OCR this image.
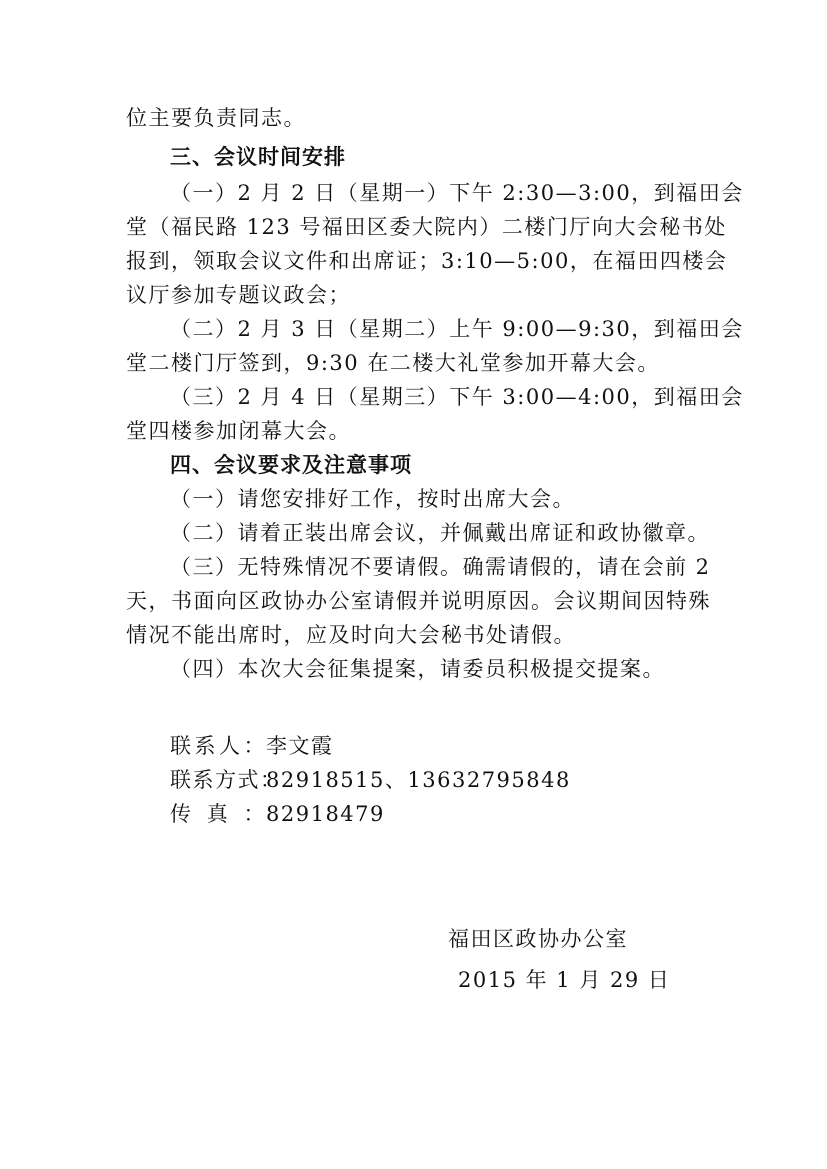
位主要负责同志。
三、会议时间安排
（一）2 月 2 日（星期一）下午 2:30—3:00，到福田会
堂（福民路 123 号福田区委大院内）二楼门厅向大会秘书处
报到，领取会议文件和出席证；3:10—5:00，在福田四楼会
议厅参加专题议政会；
（二）2 月 3 日（星期二）上午 9:00—9:30，到福田会
堂二楼门厅签到，9:30 在二楼大礼堂参加开幕大会。
（三）2 月 4 日（星期三）下午 3:00—4:00，到福田会
堂四楼参加闭幕大会。
四、会议要求及注意事项
（一）请您安排好工作，按时出席大会。
（二）请着正装出席会议，并佩戴出席证和政协徽章。
（三）无特殊情况不要请假。确需请假的，请在会前 2
天，书面向区政协办公室请假并说明原因。会议期间因特殊
情况不能出席时，应及时向大会秘书处请假。
（四）本次大会征集提案，请委员积极提交提案。
联系人：李文霞
联系方式：82918515、13632795848
传真：82918479
福田区政协办公室
2015 年 1 月 29 日
